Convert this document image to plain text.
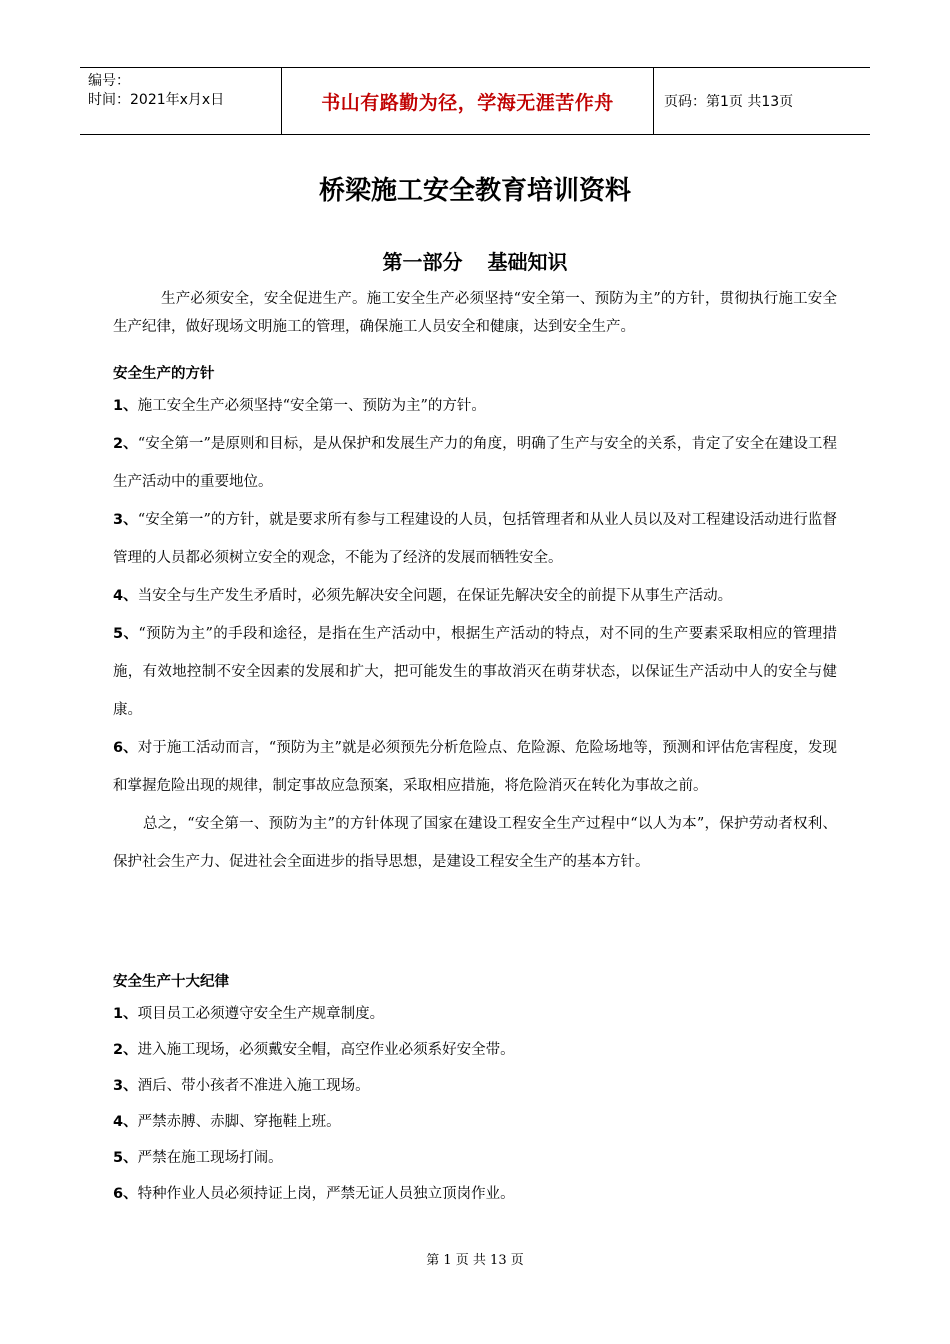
编号：
时间：2021年x月x日	书山有路勤为径，学海无涯苦作舟	页码：第1页 共13页
桥梁施工安全教育培训资料
第一部分 基础知识
生产必须安全，安全促进生产。施工安全生产必须坚持“安全第一、预防为主”的方针，贯彻执行施工安全生产纪律，做好现场文明施工的管理，确保施工人员安全和健康，达到安全生产。
安全生产的方针

1、施工安全生产必须坚持“安全第一、预防为主”的方针。

2、“安全第一”是原则和目标，是从保护和发展生产力的角度，明确了生产与安全的关系，肯定了安全在建设工程生产活动中的重要地位。

3、“安全第一”的方针，就是要求所有参与工程建设的人员，包括管理者和从业人员以及对工程建设活动进行监督管理的人员都必须树立安全的观念，不能为了经济的发展而牺牲安全。

4、当安全与生产发生矛盾时，必须先解决安全问题，在保证先解决安全的前提下从事生产活动。

5、“预防为主”的手段和途径，是指在生产活动中，根据生产活动的特点，对不同的生产要素采取相应的管理措施，有效地控制不安全因素的发展和扩大，把可能发生的事故消灭在萌芽状态，以保证生产活动中人的安全与健康。

6、对于施工活动而言，“预防为主”就是必须预先分析危险点、危险源、危险场地等，预测和评估危害程度，发现和掌握危险出现的规律，制定事故应急预案，采取相应措施，将危险消灭在转化为事故之前。

总之，“安全第一、预防为主”的方针体现了国家在建设工程安全生产过程中“以人为本”，保护劳动者权利、保护社会生产力、促进社会全面进步的指导思想，是建设工程安全生产的基本方针。

安全生产十大纪律

1、项目员工必须遵守安全生产规章制度。

2、进入施工现场，必须戴安全帽，高空作业必须系好安全带。

3、酒后、带小孩者不准进入施工现场。

4、严禁赤膊、赤脚、穿拖鞋上班。

5、严禁在施工现场打闹。

6、特种作业人员必须持证上岗，严禁无证人员独立顶岗作业。

第 1 页 共 13 页
